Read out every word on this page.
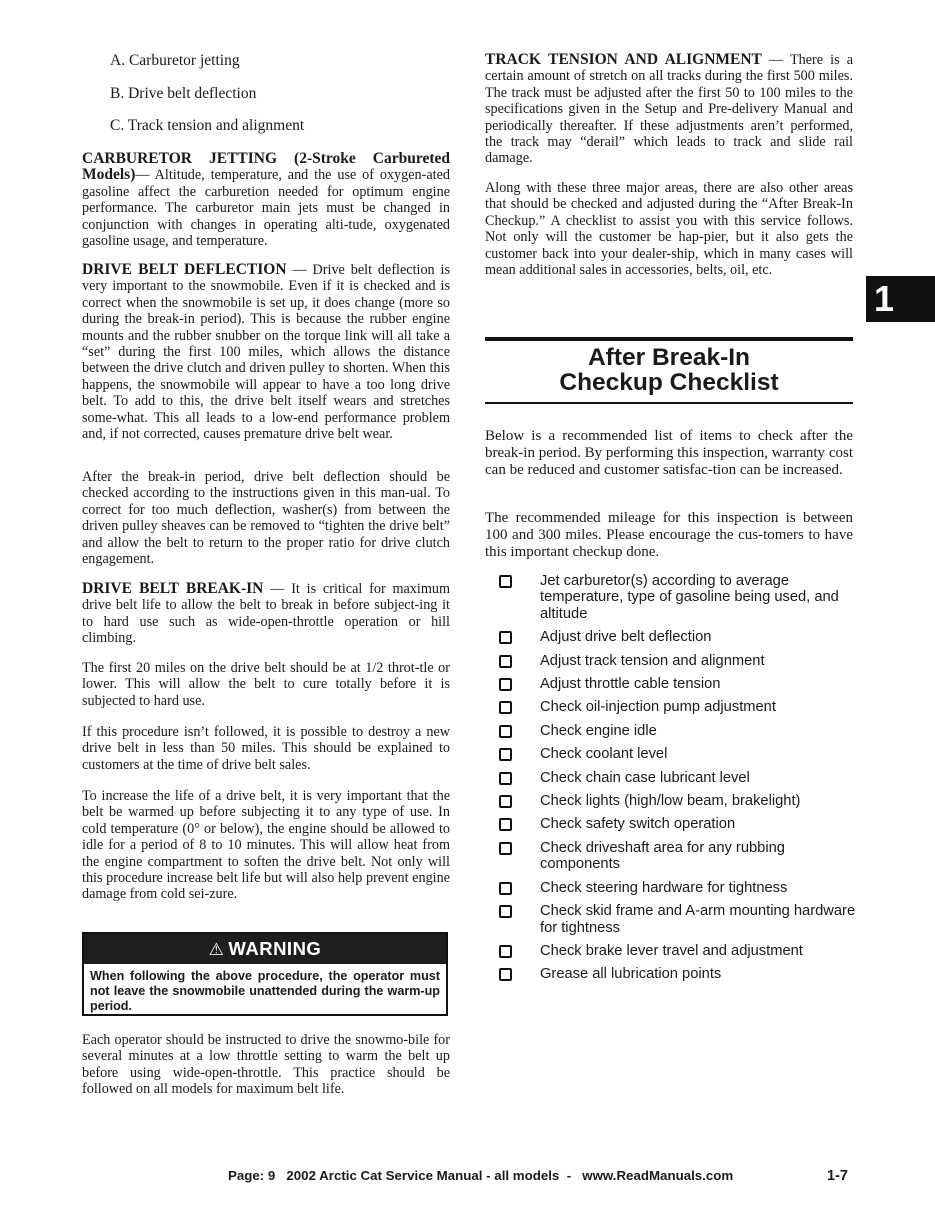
A. Carburetor jetting
B. Drive belt deflection
C. Track tension and alignment

CARBURETOR JETTING (2-Stroke Carbureted Models)— Altitude, temperature, and the use of oxygen-ated gasoline affect the carburetion needed for optimum engine performance. The carburetor main jets must be changed in conjunction with changes in operating alti-tude, oxygenated gasoline usage, and temperature.

DRIVE BELT DEFLECTION — Drive belt deflection is very important to the snowmobile. Even if it is checked and is correct when the snowmobile is set up, it does change (more so during the break-in period). This is because the rubber engine mounts and the rubber snubber on the torque link will all take a “set” during the first 100 miles, which allows the distance between the drive clutch and driven pulley to shorten. When this happens, the snowmobile will appear to have a too long drive belt. To add to this, the drive belt itself wears and stretches some-what. This all leads to a low-end performance problem and, if not corrected, causes premature drive belt wear.

After the break-in period, drive belt deflection should be checked according to the instructions given in this man-ual. To correct for too much deflection, washer(s) from between the driven pulley sheaves can be removed to “tighten the drive belt” and allow the belt to return to the proper ratio for drive clutch engagement.

DRIVE BELT BREAK-IN — It is critical for maximum drive belt life to allow the belt to break in before subject-ing it to hard use such as wide-open-throttle operation or hill climbing.

The first 20 miles on the drive belt should be at 1/2 throt-tle or lower. This will allow the belt to cure totally before it is subjected to hard use.

If this procedure isn’t followed, it is possible to destroy a new drive belt in less than 50 miles. This should be explained to customers at the time of drive belt sales.

To increase the life of a drive belt, it is very important that the belt be warmed up before subjecting it to any type of use. In cold temperature (0° or below), the engine should be allowed to idle for a period of 8 to 10 minutes. This will allow heat from the engine compartment to soften the drive belt. Not only will this procedure increase belt life but will also help prevent engine damage from cold sei-zure.

⚠ WARNING
When following the above procedure, the operator must not leave the snowmobile unattended during the warm-up period.

Each operator should be instructed to drive the snowmo-bile for several minutes at a low throttle setting to warm the belt up before using wide-open-throttle. This practice should be followed on all models for maximum belt life.

TRACK TENSION AND ALIGNMENT — There is a certain amount of stretch on all tracks during the first 500 miles. The track must be adjusted after the first 50 to 100 miles to the specifications given in the Setup and Pre-delivery Manual and periodically thereafter. If these adjustments aren’t performed, the track may “derail” which leads to track and slide rail damage.

Along with these three major areas, there are also other areas that should be checked and adjusted during the “After Break-In Checkup.” A checklist to assist you with this service follows. Not only will the customer be hap-pier, but it also gets the customer back into your dealer-ship, which in many cases will mean additional sales in accessories, belts, oil, etc.

After Break-In
Checkup Checklist

Below is a recommended list of items to check after the break-in period. By performing this inspection, warranty cost can be reduced and customer satisfac-tion can be increased.

The recommended mileage for this inspection is between 100 and 300 miles. Please encourage the cus-tomers to have this important checkup done.

Jet carburetor(s) according to average temperature, type of gasoline being used, and altitude
Adjust drive belt deflection
Adjust track tension and alignment
Adjust throttle cable tension
Check oil-injection pump adjustment
Check engine idle
Check coolant level
Check chain case lubricant level
Check lights (high/low beam, brakelight)
Check safety switch operation
Check driveshaft area for any rubbing components
Check steering hardware for tightness
Check skid frame and A-arm mounting hardware for tightness
Check brake lever travel and adjustment
Grease all lubrication points
1
Page: 9   2002 Arctic Cat Service Manual - all models  -   www.ReadManuals.com	1-7
